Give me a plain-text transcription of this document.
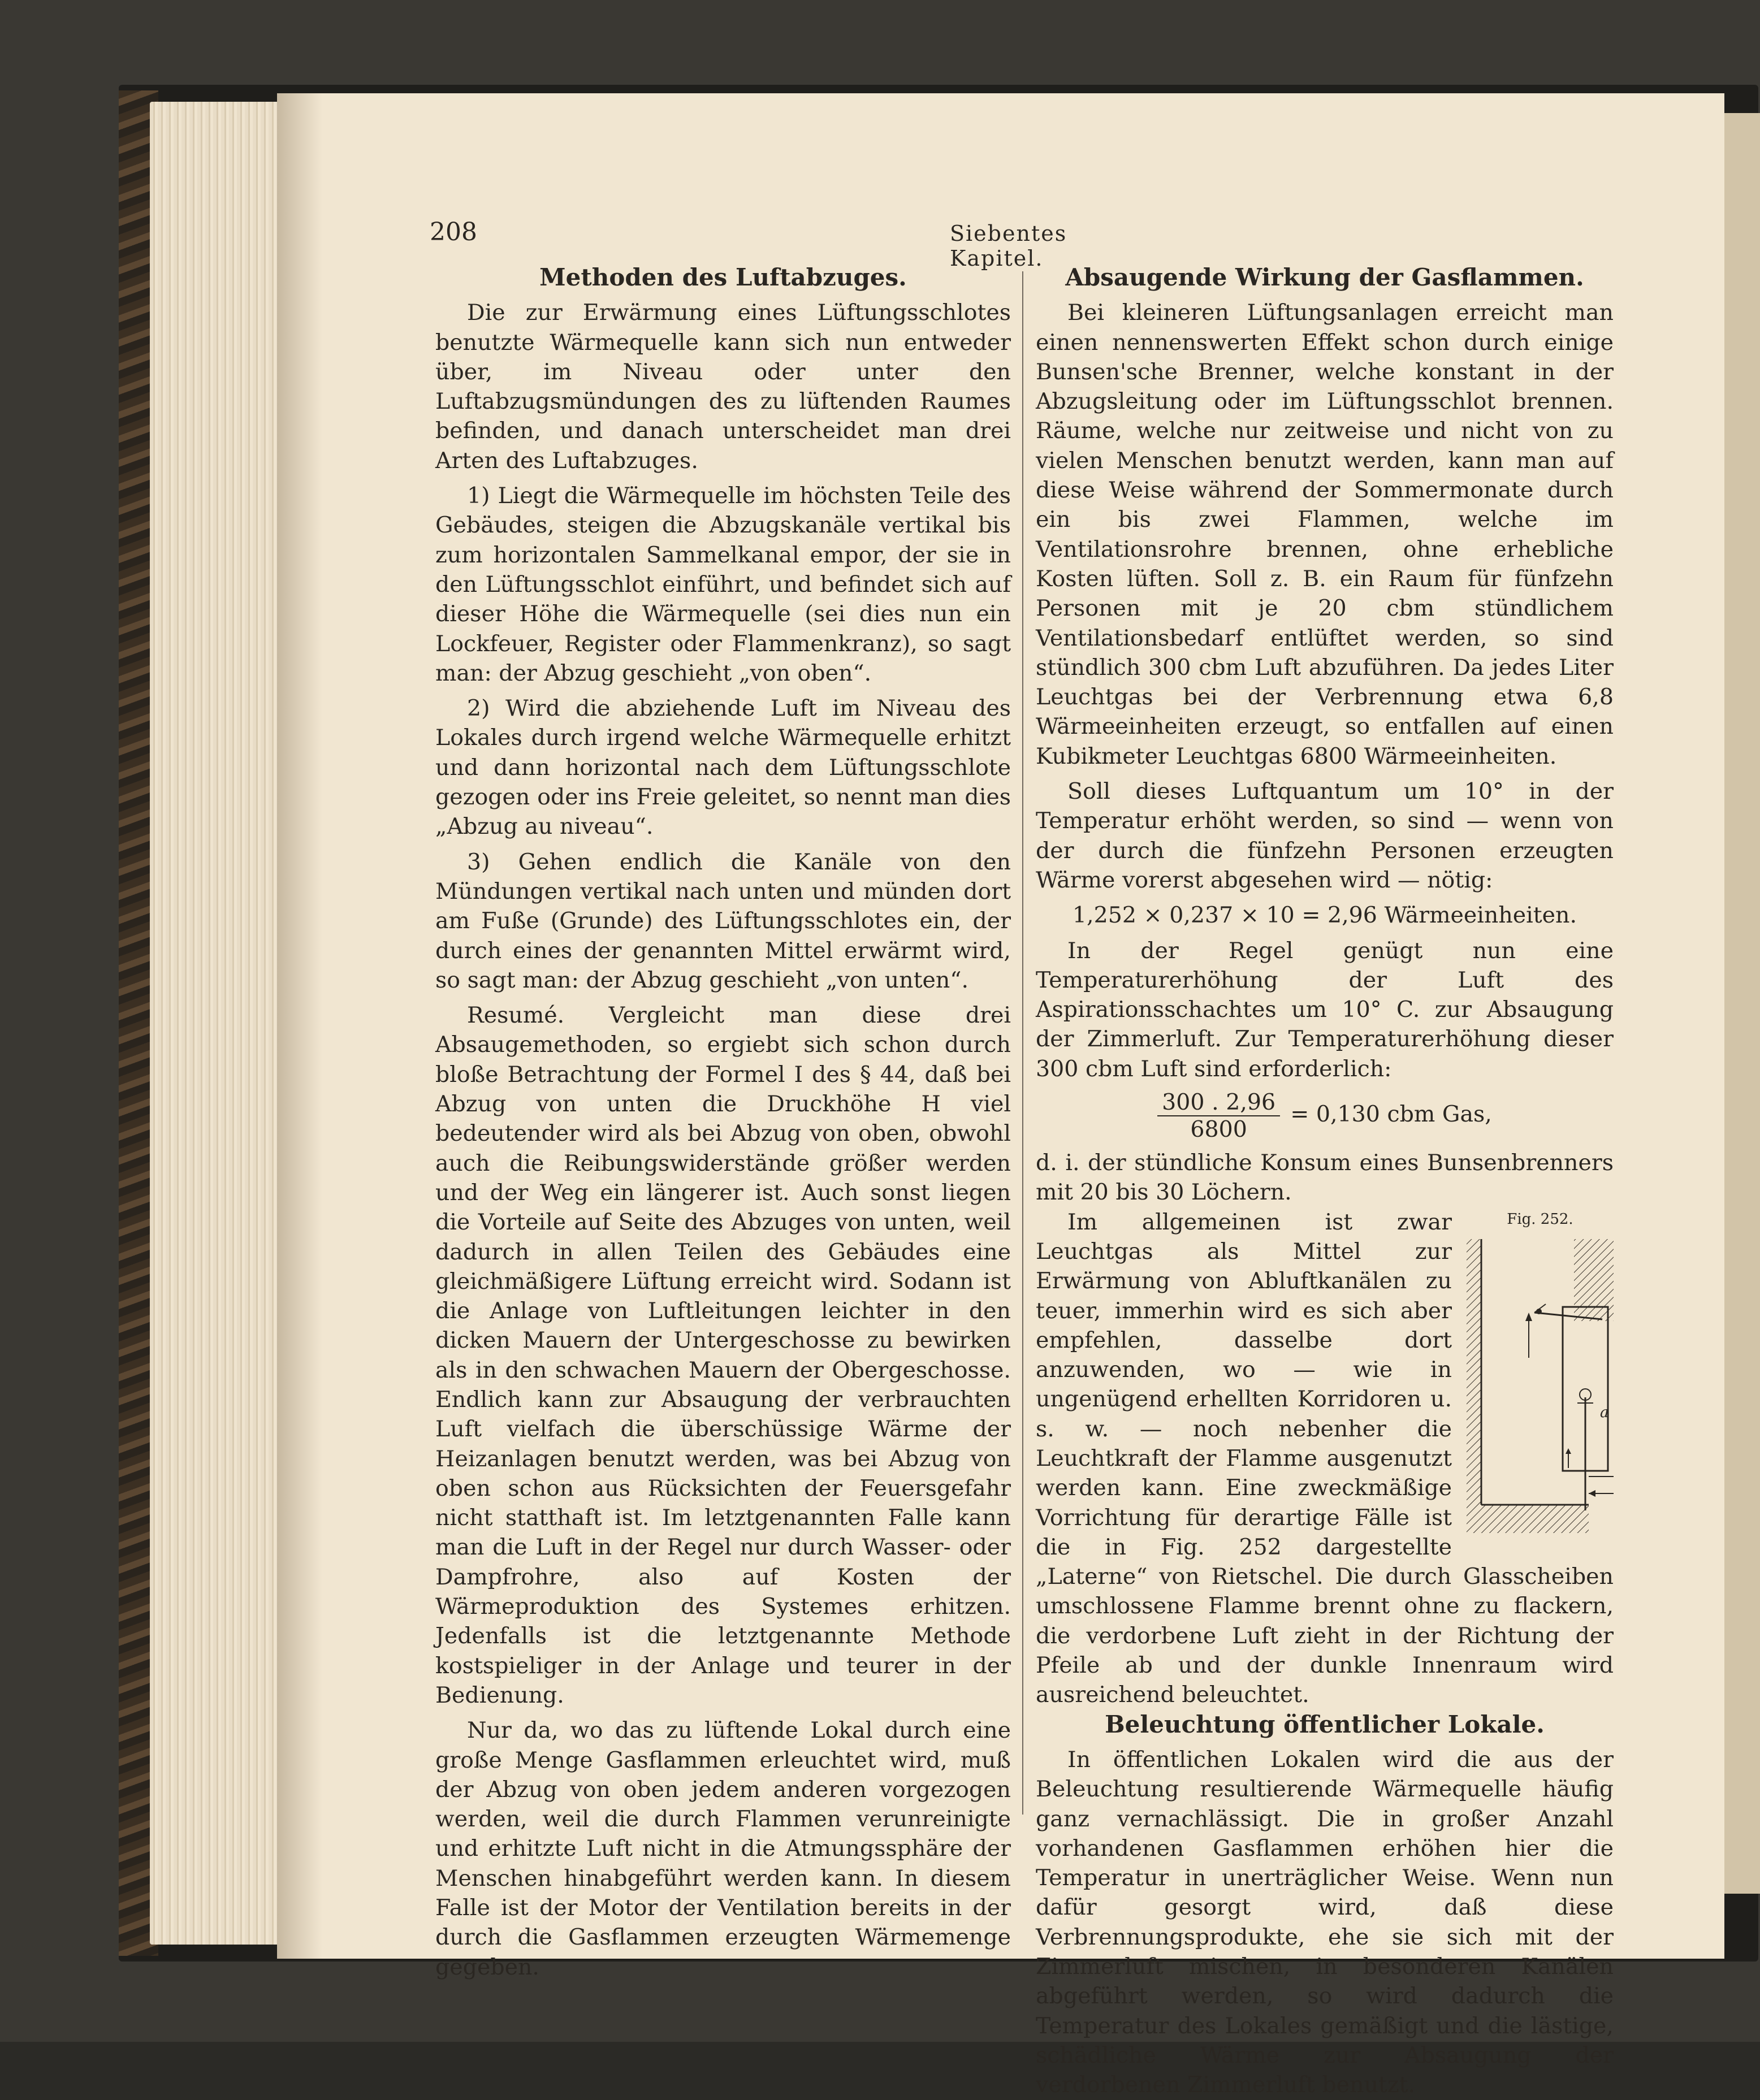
208	Siebentes Kapitel.

Methoden des Luftabzuges.

Die zur Erwärmung eines Lüftungsschlotes benutzte Wärmequelle kann sich nun entweder über, im Niveau oder unter den Luftabzugsmündungen des zu lüftenden Raumes befinden, und danach unterscheidet man drei Arten des Luftabzuges.

1) Liegt die Wärmequelle im höchsten Teile des Gebäudes, steigen die Abzugskanäle vertikal bis zum horizontalen Sammelkanal empor, der sie in den Lüftungsschlot einführt, und befindet sich auf dieser Höhe die Wärmequelle (sei dies nun ein Lockfeuer, Register oder Flammenkranz), so sagt man: der Abzug geschieht „von oben“.

2) Wird die abziehende Luft im Niveau des Lokales durch irgend welche Wärmequelle erhitzt und dann horizontal nach dem Lüftungsschlote gezogen oder ins Freie geleitet, so nennt man dies „Abzug au niveau“.

3) Gehen endlich die Kanäle von den Mündungen vertikal nach unten und münden dort am Fuße (Grunde) des Lüftungsschlotes ein, der durch eines der genannten Mittel erwärmt wird, so sagt man: der Abzug geschieht „von unten“.

Resumé. Vergleicht man diese drei Absaugemethoden, so ergiebt sich schon durch bloße Betrachtung der Formel I des § 44, daß bei Abzug von unten die Druckhöhe H viel bedeutender wird als bei Abzug von oben, obwohl auch die Reibungswiderstände größer werden und der Weg ein längerer ist. Auch sonst liegen die Vorteile auf Seite des Abzuges von unten, weil dadurch in allen Teilen des Gebäudes eine gleichmäßigere Lüftung erreicht wird. Sodann ist die Anlage von Luftleitungen leichter in den dicken Mauern der Untergeschosse zu bewirken als in den schwachen Mauern der Obergeschosse. Endlich kann zur Absaugung der verbrauchten Luft vielfach die überschüssige Wärme der Heizanlagen benutzt werden, was bei Abzug von oben schon aus Rücksichten der Feuersgefahr nicht statthaft ist. Im letztgenannten Falle kann man die Luft in der Regel nur durch Wasser- oder Dampfrohre, also auf Kosten der Wärmeproduktion des Systemes erhitzen. Jedenfalls ist die letztgenannte Methode kostspieliger in der Anlage und teurer in der Bedienung.

Nur da, wo das zu lüftende Lokal durch eine große Menge Gasflammen erleuchtet wird, muß der Abzug von oben jedem anderen vorgezogen werden, weil die durch Flammen verunreinigte und erhitzte Luft nicht in die Atmungssphäre der Menschen hinabgeführt werden kann. In diesem Falle ist der Motor der Ventilation bereits in der durch die Gasflammen erzeugten Wärmemenge gegeben.

Absaugende Wirkung der Gasflammen.

Bei kleineren Lüftungsanlagen erreicht man einen nennenswerten Effekt schon durch einige Bunsen'sche Brenner, welche konstant in der Abzugsleitung oder im Lüftungsschlot brennen. Räume, welche nur zeitweise und nicht von zu vielen Menschen benutzt werden, kann man auf diese Weise während der Sommermonate durch ein bis zwei Flammen, welche im Ventilationsrohre brennen, ohne erhebliche Kosten lüften. Soll z. B. ein Raum für fünfzehn Personen mit je 20 cbm stündlichem Ventilationsbedarf entlüftet werden, so sind stündlich 300 cbm Luft abzuführen. Da jedes Liter Leuchtgas bei der Verbrennung etwa 6,8 Wärmeeinheiten erzeugt, so entfallen auf einen Kubikmeter Leuchtgas 6800 Wärmeeinheiten.

Soll dieses Luftquantum um 10° in der Temperatur erhöht werden, so sind — wenn von der durch die fünfzehn Personen erzeugten Wärme vorerst abgesehen wird — nötig:

1,252 × 0,237 × 10 = 2,96 Wärmeeinheiten.

In der Regel genügt nun eine Temperaturerhöhung der Luft des Aspirationsschachtes um 10° C. zur Absaugung der Zimmerluft. Zur Temperaturerhöhung dieser 300 cbm Luft sind erforderlich:

$\frac{300 . 2,96}{6800} = 0,130$ cbm Gas,

d. i. der stündliche Konsum eines Bunsenbrenners mit 20 bis 30 Löchern.

Fig. 252.
a

Im allgemeinen ist zwar Leuchtgas als Mittel zur Erwärmung von Abluftkanälen zu teuer, immerhin wird es sich aber empfehlen, dasselbe dort anzuwenden, wo — wie in ungenügend erhellten Korridoren u. s. w. — noch nebenher die Leuchtkraft der Flamme ausgenutzt werden kann. Eine zweckmäßige Vorrichtung für derartige Fälle ist die in Fig. 252 dargestellte „Laterne“ von Rietschel. Die durch Glasscheiben umschlossene Flamme brennt ohne zu flackern, die verdorbene Luft zieht in der Richtung der Pfeile ab und der dunkle Innenraum wird ausreichend beleuchtet.

Beleuchtung öffentlicher Lokale.

In öffentlichen Lokalen wird die aus der Beleuchtung resultierende Wärmequelle häufig ganz vernachlässigt. Die in großer Anzahl vorhandenen Gasflammen erhöhen hier die Temperatur in unerträglicher Weise. Wenn nun dafür gesorgt wird, daß diese Verbrennungsprodukte, ehe sie sich mit der Zimmerluft mischen, in besonderen Kanälen abgeführt werden, so wird dadurch die Temperatur des Lokales gemäßigt und die lästige, schädliche Wärme zur Absaugung der verdorbenen Zimmerluft benutzt.
